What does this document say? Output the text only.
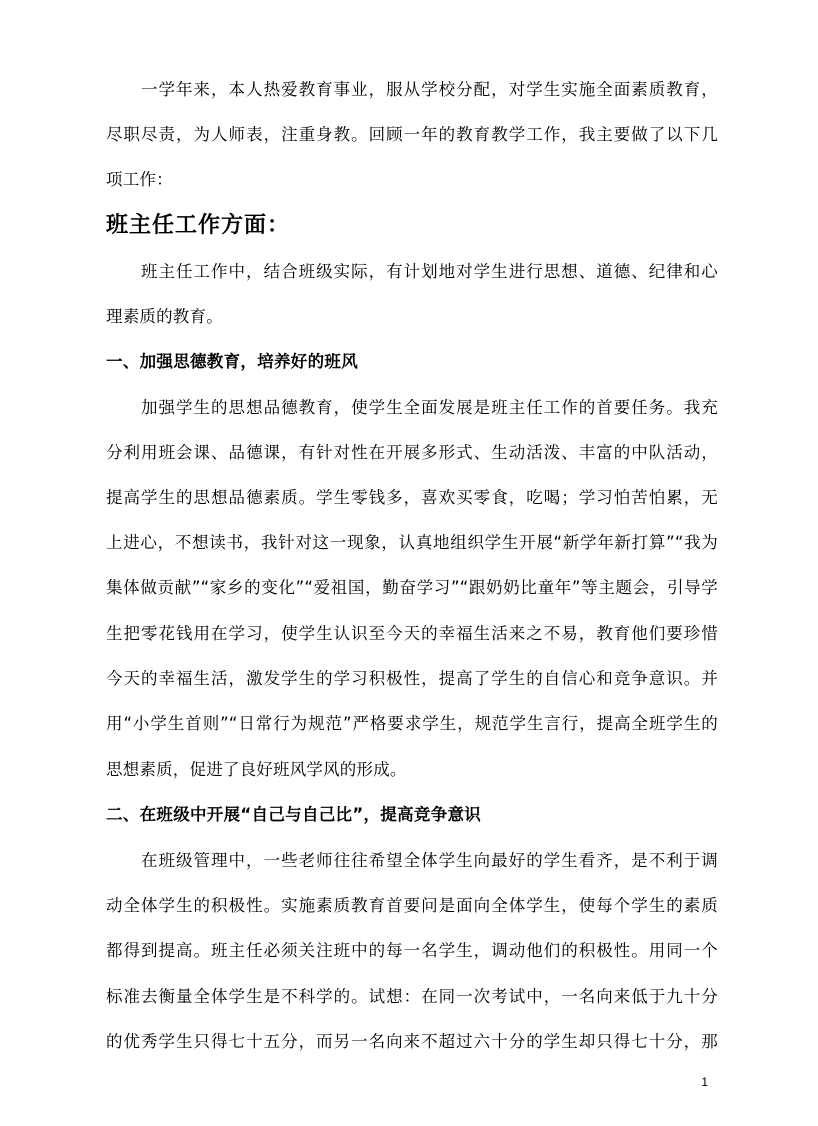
一学年来，本人热爱教育事业，服从学校分配，对学生实施全面素质教育，
尽职尽责，为人师表，注重身教。回顾一年的教育教学工作，我主要做了以下几
项工作：
班主任工作方面：
班主任工作中，结合班级实际，有计划地对学生进行思想、道德、纪律和心
理素质的教育。
一、加强思德教育，培养好的班风
加强学生的思想品德教育，使学生全面发展是班主任工作的首要任务。我充
分利用班会课、品德课，有针对性在开展多形式、生动活泼、丰富的中队活动，
提高学生的思想品德素质。学生零钱多，喜欢买零食，吃喝；学习怕苦怕累，无
上进心，不想读书，我针对这一现象，认真地组织学生开展“新学年新打算”“我为
集体做贡献”“家乡的变化”“爱祖国，勤奋学习”“跟奶奶比童年”等主题会，引导学
生把零花钱用在学习，使学生认识至今天的幸福生活来之不易，教育他们要珍惜
今天的幸福生活，激发学生的学习积极性，提高了学生的自信心和竞争意识。并
用“小学生首则”“日常行为规范”严格要求学生，规范学生言行，提高全班学生的
思想素质，促进了良好班风学风的形成。
二、在班级中开展“自己与自己比”，提高竞争意识
在班级管理中，一些老师往往希望全体学生向最好的学生看齐，是不利于调
动全体学生的积极性。实施素质教育首要问是面向全体学生，使每个学生的素质
都得到提高。班主任必须关注班中的每一名学生，调动他们的积极性。用同一个
标准去衡量全体学生是不科学的。试想：在同一次考试中，一名向来低于九十分
的优秀学生只得七十五分，而另一名向来不超过六十分的学生却只得七十分，那
1
